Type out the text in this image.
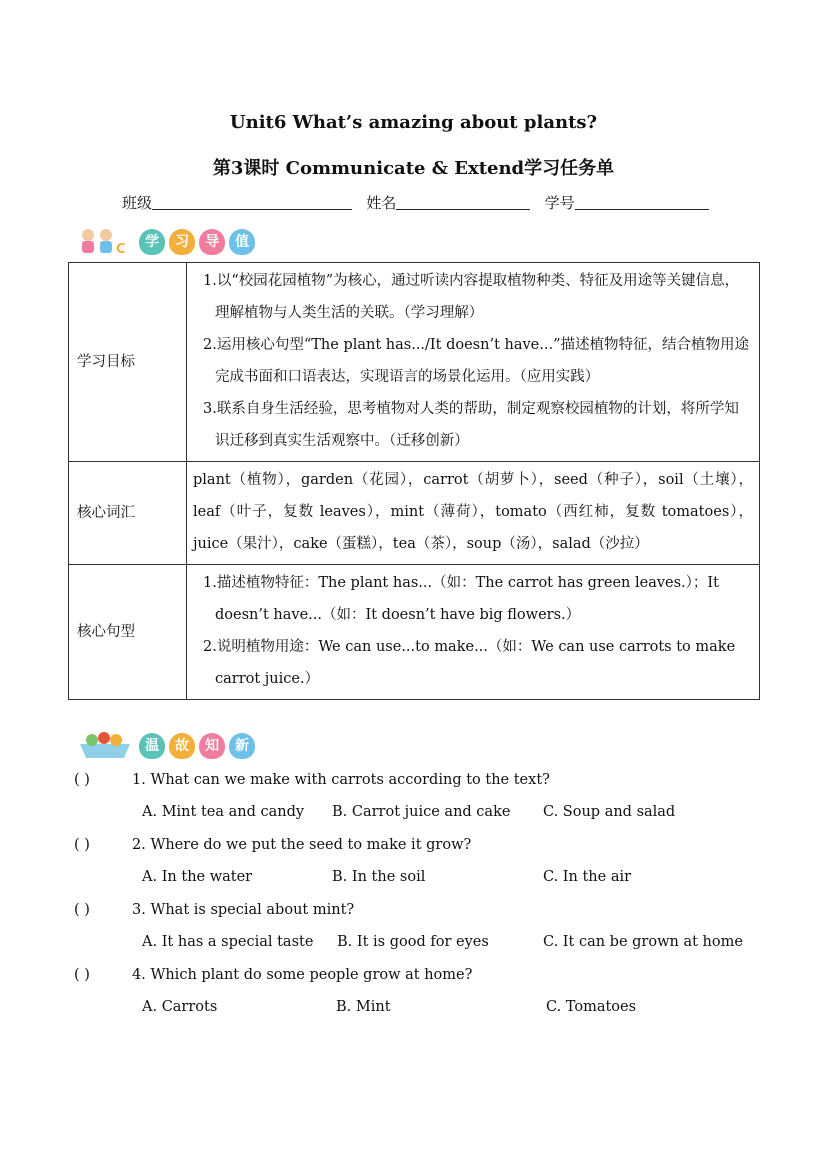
Unit6 What’s amazing about plants?
第3课时 Communicate & Extend学习任务单
班级	姓名	学号
C 学 习 导 值
学习目标	1.以“校园花园植物”为核心，通过听读内容提取植物种类、特征及用途等关键信息，理解植物与人类生活的关联。（学习理解）
2.运用核心句型“The plant has.../It doesn’t have...”描述植物特征，结合植物用途完成书面和口语表达，实现语言的场景化运用。（应用实践）
3.联系自身生活经验，思考植物对人类的帮助，制定观察校园植物的计划，将所学知识迁移到真实生活观察中。（迁移创新）

核心词汇	plant（植物），garden（花园），carrot（胡萝卜），seed（种子），soil（土壤），leaf（叶子，复数 leaves），mint（薄荷），tomato（西红柿，复数 tomatoes），juice（果汁），cake（蛋糕），tea（茶），soup（汤），salad（沙拉）
核心句型	1.描述植物特征：The plant has...（如：The carrot has green leaves.）；It doesn’t have...（如：It doesn’t have big flowers.）
2.说明植物用途：We can use...to make...（如：We can use carrots to make carrot juice.）
温 故 知 新
( )	1. What can we make with carrots according to the text?
A. Mint tea and candy B. Carrot juice and cake C. Soup and salad
( )	2. Where do we put the seed to make it grow?
A. In the water	B. In the soil	C. In the air
( )	3. What is special about mint?
A. It has a special taste B. It is good for eyes	C. It can be grown at home
( )	4. Which plant do some people grow at home?
A. Carrots	B. Mint	C. Tomatoes
